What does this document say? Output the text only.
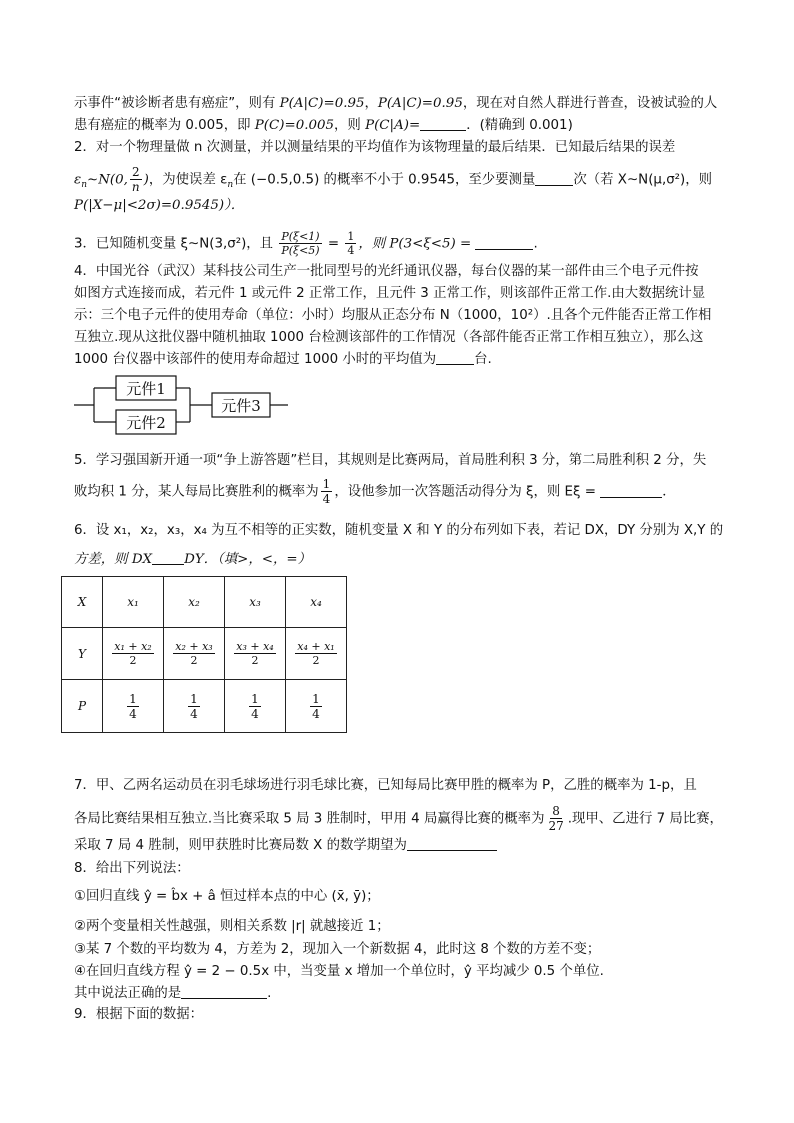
示事件“被诊断者患有癌症”，则有 P(A|C)=0.95，P(A|C)=0.95，现在对自然人群进行普查，设被试验的人
患有癌症的概率为 0.005，即 P(C)=0.005，则 P(C|A)=	．(精确到 0.001)
2．对一个物理量做 n 次测量，并以测量结果的平均值作为该物理量的最后结果．已知最后结果的误差
$\varepsilon_n\sim N(0$, $\frac{2}{n}$ )，为使误差 $\varepsilon_n$在 (−0.5,0.5) 的概率不小于 0.9545，至少要测量	次（若 X∼N(μ,σ²)，则
P(|X−μ|<2σ)=0.9545)）．
3．已知随机变量 ξ∼N(3,σ²)，且 $\frac{P(\xi<1)}{P(\xi<5)} = \frac{1}{4}$ ，则 P(3<ξ<5) =	.
4．中国光谷（武汉）某科技公司生产一批同型号的光纤通讯仪器，每台仪器的某一部件由三个电子元件按
如图方式连接而成，若元件 1 或元件 2 正常工作，且元件 3 正常工作，则该部件正常工作.由大数据统计显
示：三个电子元件的使用寿命（单位：小时）均服从正态分布 N（1000，10²）.且各个元件能否正常工作相
互独立.现从这批仪器中随机抽取 1000 台检测该部件的工作情况（各部件能否正常工作相互独立），那么这
1000 台仪器中该部件的使用寿命超过 1000 小时的平均值为	台.
元件1
元件2
元件3
5．学习强国新开通一项“争上游答题”栏目，其规则是比赛两局，首局胜利积 3 分，第二局胜利积 2 分，失
败均积 1 分，某人每局比赛胜利的概率为 $\frac{1}{4}$ ，设他参加一次答题活动得分为 ξ，则 Eξ =	．
6．设 x₁，x₂，x₃，x₄ 为互不相等的正实数，随机变量 X 和 Y 的分布列如下表，若记 DX，DY 分别为 X,Y 的
方差，则 DX DY．（填>，<，=）
X	x₁	x₂	x₃	x₄
Y	$\frac{\text{x₁ + x₂}}{2}$	$\frac{\text{x₂ + x₃}}{2}$	$\frac{\text{x₃ + x₄}}{2}$	$\frac{\text{x₄ + x₁}}{2}$

P	$\frac{1}{4}$	$\frac{1}{4}$	$\frac{1}{4}$	$\frac{1}{4}$
7．甲、乙两名运动员在羽毛球场进行羽毛球比赛，已知每局比赛甲胜的概率为 P，乙胜的概率为 1-p，且
各局比赛结果相互独立.当比赛采取 5 局 3 胜制时，甲用 4 局赢得比赛的概率为 $\frac{8}{27}$ .现甲、乙进行 7 局比赛，
采取 7 局 4 胜制，则甲获胜时比赛局数 X 的数学期望为
8．给出下列说法：
①回归直线 ŷ = b̂x + â 恒过样本点的中心 (x̄, ȳ)；
②两个变量相关性越强，则相关系数 |r| 就越接近 1；
③某 7 个数的平均数为 4，方差为 2，现加入一个新数据 4，此时这 8 个数的方差不变；
④在回归直线方程 ŷ = 2 − 0.5x 中，当变量 x 增加一个单位时，ŷ 平均减少 0.5 个单位.
其中说法正确的是	.
9．根据下面的数据：
